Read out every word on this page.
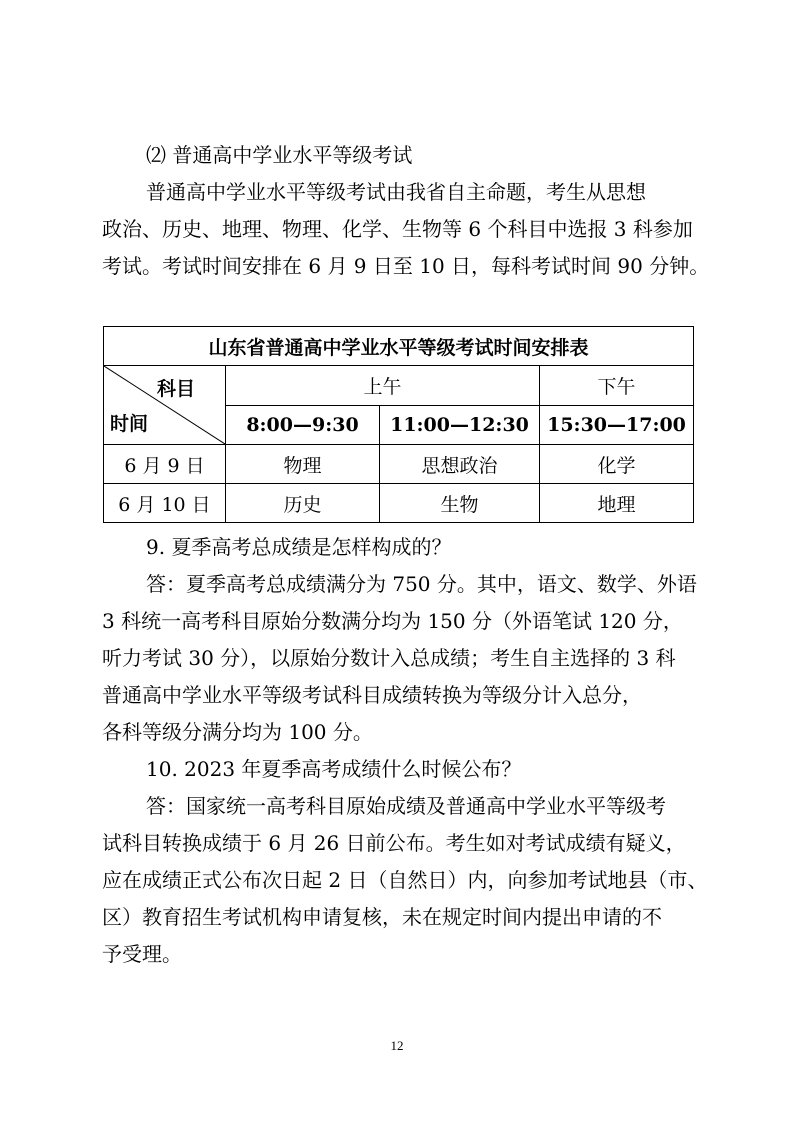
⑵ 普通高中学业水平等级考试

普通高中学业水平等级考试由我省自主命题，考生从思想
政治、历史、地理、物理、化学、生物等 6 个科目中选报 3 科参加
考试。考试时间安排在 6 月 9 日至 10 日，每科考试时间 90 分钟。

山东省普通高中学业水平等级考试时间安排表			

科目
时间	上午		下午
	8:00—9:30	11:00—12:30	15:30—17:00
6 月 9 日	物理	思想政治	化学
6 月 10 日	历史	生物	地理

9. 夏季高考总成绩是怎样构成的？
答：夏季高考总成绩满分为 750 分。其中，语文、数学、外语
3 科统一高考科目原始分数满分均为 150 分（外语笔试 120 分，
听力考试 30 分），以原始分数计入总成绩；考生自主选择的 3 科
普通高中学业水平等级考试科目成绩转换为等级分计入总分，
各科等级分满分均为 100 分。

10. 2023 年夏季高考成绩什么时候公布？
答：国家统一高考科目原始成绩及普通高中学业水平等级考
试科目转换成绩于 6 月 26 日前公布。考生如对考试成绩有疑义，
应在成绩正式公布次日起 2 日（自然日）内，向参加考试地县（市、
区）教育招生考试机构申请复核，未在规定时间内提出申请的不
予受理。

12
